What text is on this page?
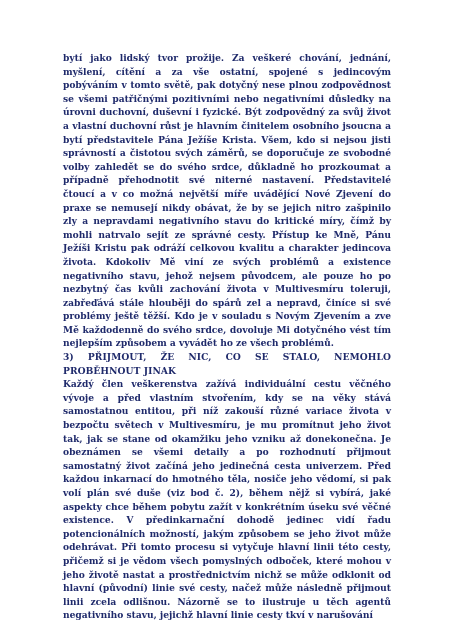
bytí jako lidský tvor prožije. Za veškeré chování, jednání, myšlení, cítění a za vše ostatní, spojené s jedincovým pobýváním v tomto světě, pak dotyčný nese plnou zodpovědnost se všemi patřičnými pozitivními nebo negativními důsledky na úrovni duchovní, duševní i fyzické. Být zodpovědný za svůj život a vlastní duchovní růst je hlavním činitelem osobního jsoucna a bytí představitele Pána Ježíše Krista. Všem, kdo si nejsou jisti správností a čistotou svých záměrů, se doporučuje ze svobodné volby zahledět se do svého srdce, důkladně ho prozkoumat a případně přehodnotit své niterné nastavení. Představitelé čtoucí a v co možná největší míře uvádějící Nové Zjevení do praxe se nemusejí nikdy obávat, že by se jejich nitro zašpinilo zly a nepravdami negativního stavu do kritické míry, čímž by mohli natrvalo sejít ze správné cesty. Přístup ke Mně, Pánu Ježíši Kristu pak odráží celkovou kvalitu a charakter jedincova života. Kdokoliv Mě viní ze svých problémů a existence negativního stavu, jehož nejsem původcem, ale pouze ho po nezbytný čas kvůli zachování života v Multivesmíru toleruji, zabřeďává stále hlouběji do spárů zel a nepravd, činíce si své problémy ještě těžší. Kdo je v souladu s Novým Zjevením a zve Mě každodenně do svého srdce, dovoluje Mi dotyčného vést tím nejlepším způsobem a vyvádět ho ze všech problémů.

3) PŘIJMOUT, ŽE NIC, CO SE STALO, NEMOHLO PROBĚHNOUT JINAK

Každý člen veškerenstva zažívá individuální cestu věčného vývoje a před vlastním stvořením, kdy se na věky stává samostatnou entitou, při níž zakouší různé variace života v bezpočtu světech v Multivesmíru, je mu promítnut jeho život tak, jak se stane od okamžiku jeho vzniku až donekonečna. Je obeznámen se všemi detaily a po rozhodnutí přijmout samostatný život začíná jeho jedinečná cesta univerzem. Před každou inkarnací do hmotného těla, nosiče jeho vědomí, si pak volí plán své duše (viz bod č. 2), během nějž si vybírá, jaké aspekty chce během pobytu zažít v konkrétním úseku své věčné existence. V předinkarnační dohodě jedinec vidí řadu potencionálních možností, jakým způsobem se jeho život může odehrávat. Při tomto procesu si vytyčuje hlavní linii této cesty, přičemž si je vědom všech pomyslných odboček, které mohou v jeho životě nastat a prostřednictvím nichž se může odklonit od hlavní (původní) linie své cesty, načež může následně přijmout linii zcela odlišnou. Názorně se to ilustruje u těch agentů negativního stavu, jejichž hlavní linie cesty tkví v narušování
